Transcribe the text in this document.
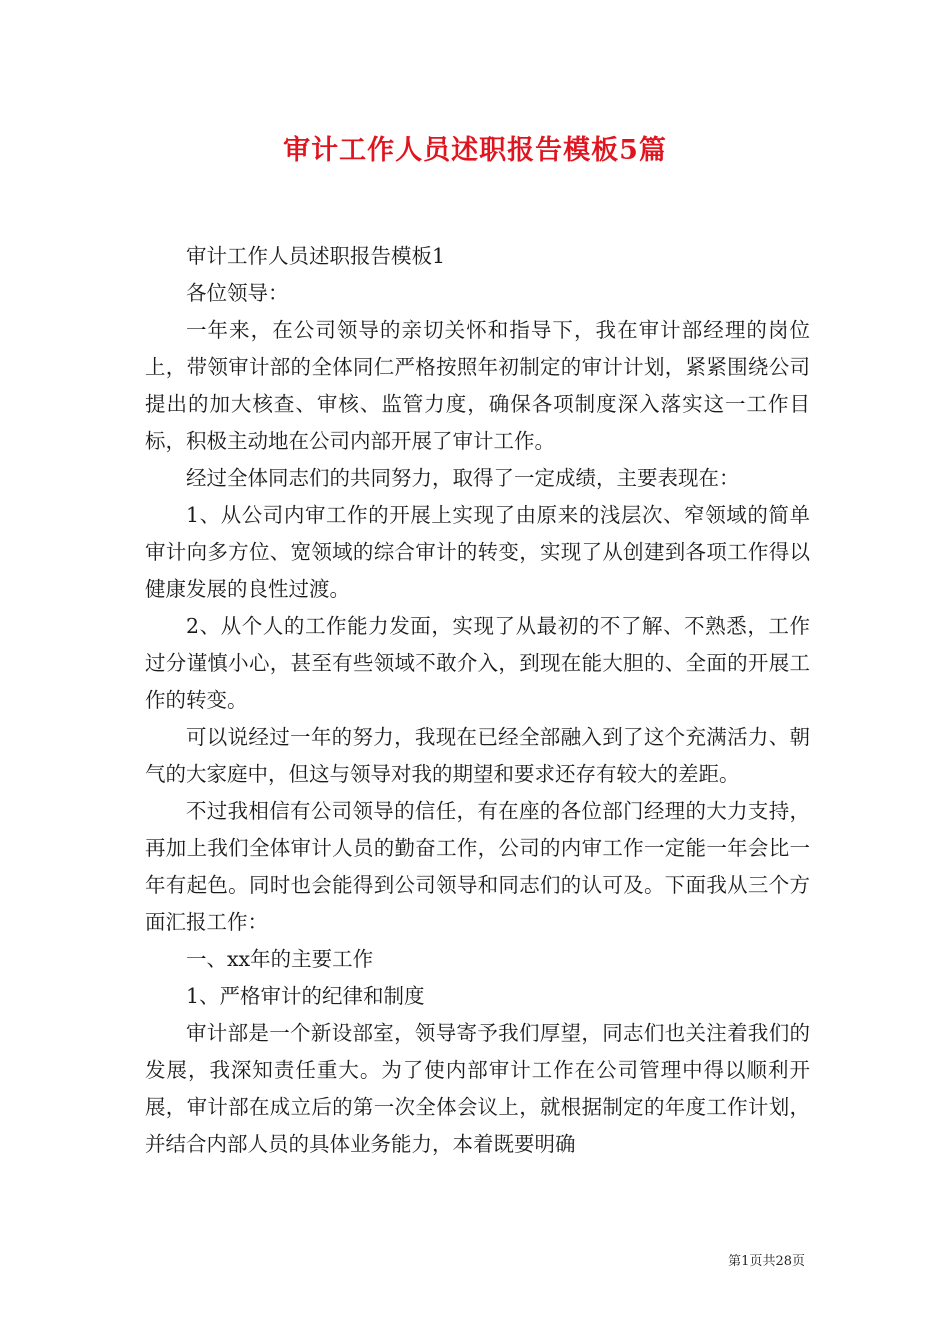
审计工作人员述职报告模板5篇

审计工作人员述职报告模板1

各位领导：

一年来，在公司领导的亲切关怀和指导下，我在审计部经理的岗位上，带领审计部的全体同仁严格按照年初制定的审计计划，紧紧围绕公司提出的加大核查、审核、监管力度，确保各项制度深入落实这一工作目标，积极主动地在公司内部开展了审计工作。

经过全体同志们的共同努力，取得了一定成绩，主要表现在：

1、从公司内审工作的开展上实现了由原来的浅层次、窄领域的简单审计向多方位、宽领域的综合审计的转变，实现了从创建到各项工作得以健康发展的良性过渡。

2、从个人的工作能力发面，实现了从最初的不了解、不熟悉，工作过分谨慎小心，甚至有些领域不敢介入，到现在能大胆的、全面的开展工作的转变。

可以说经过一年的努力，我现在已经全部融入到了这个充满活力、朝气的大家庭中，但这与领导对我的期望和要求还存有较大的差距。

不过我相信有公司领导的信任，有在座的各位部门经理的大力支持，再加上我们全体审计人员的勤奋工作，公司的内审工作一定能一年会比一年有起色。同时也会能得到公司领导和同志们的认可及。下面我从三个方面汇报工作：

一、xx年的主要工作

1、严格审计的纪律和制度

审计部是一个新设部室，领导寄予我们厚望，同志们也关注着我们的发展，我深知责任重大。为了使内部审计工作在公司管理中得以顺利开展，审计部在成立后的第一次全体会议上，就根据制定的年度工作计划，并结合内部人员的具体业务能力，本着既要明确

第1页共28页
